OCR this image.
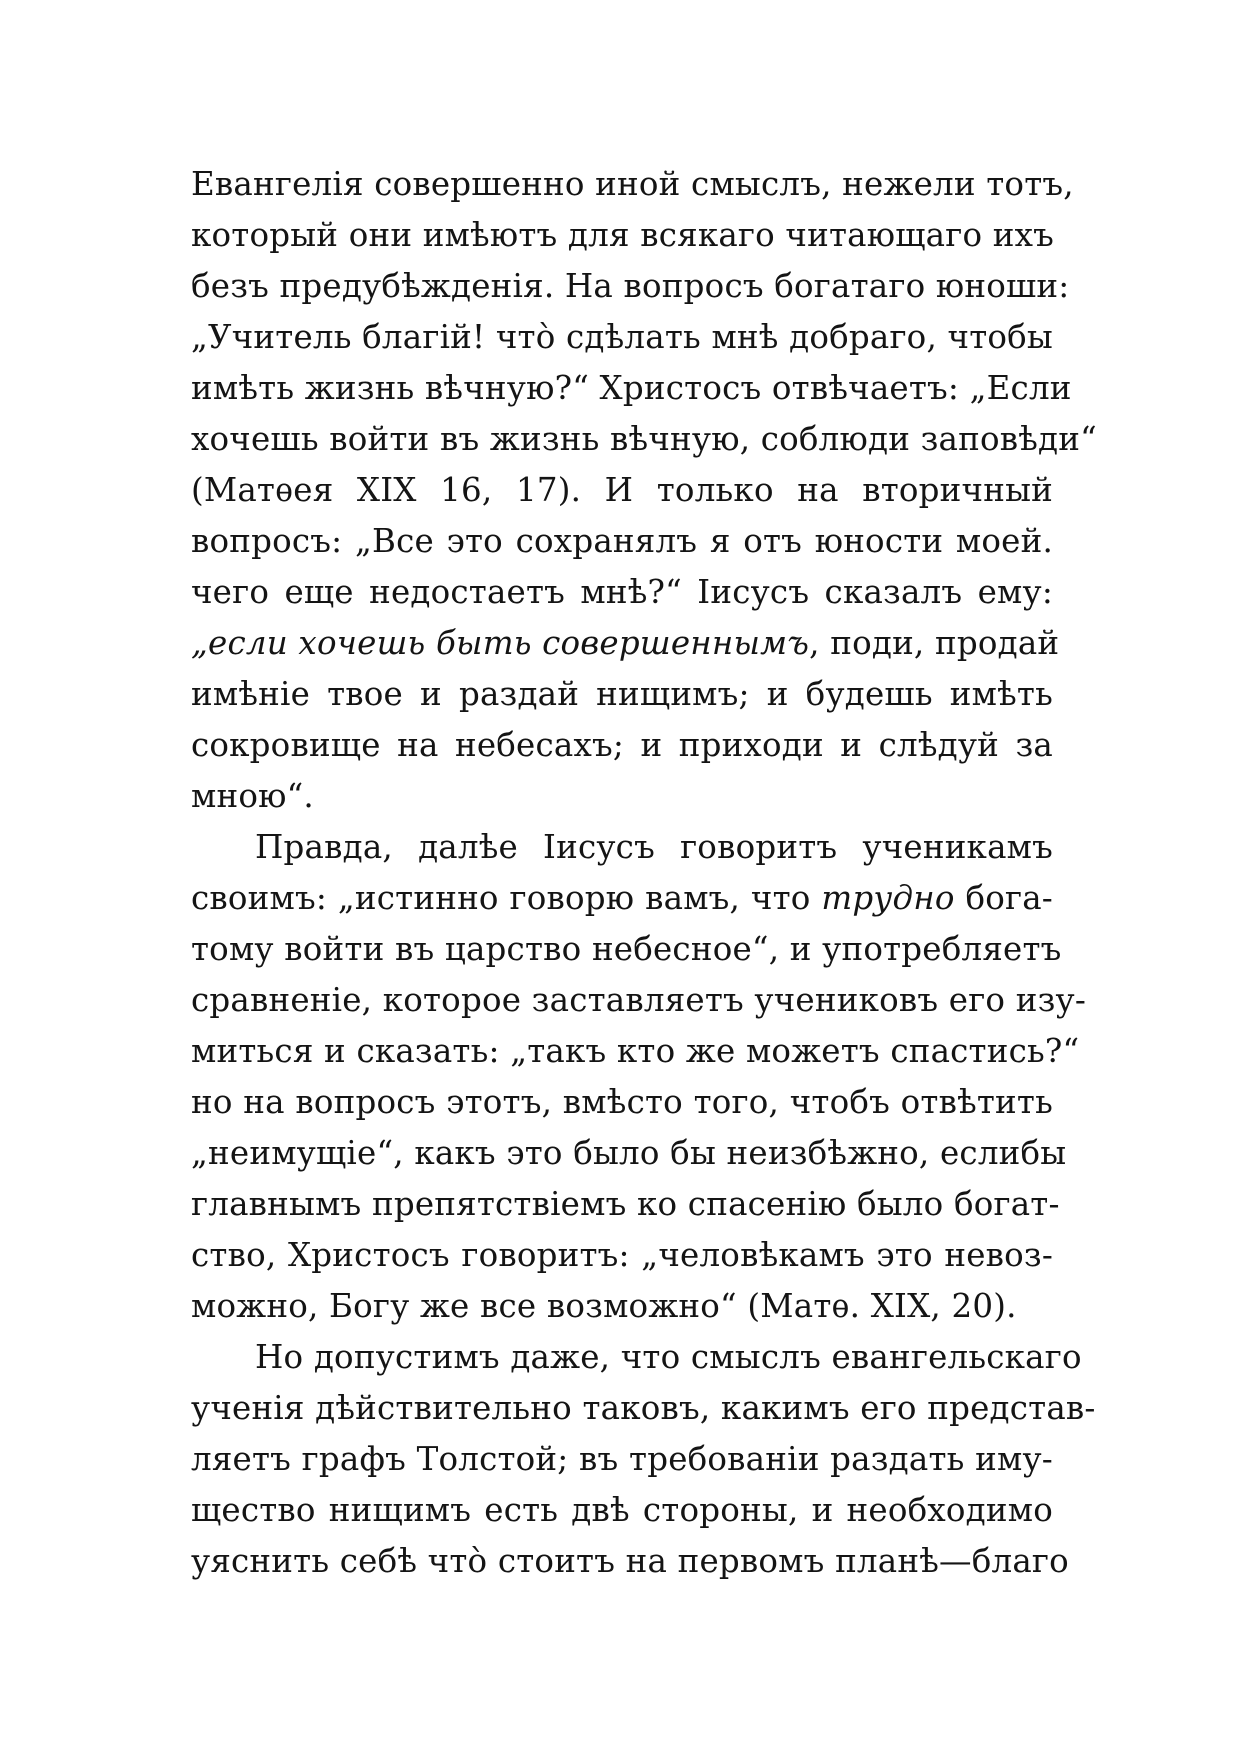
Евангелія совершенно иной смыслъ, нежели тотъ,
который они имѣютъ для всякаго читающаго ихъ
безъ предубѣжденія. На вопросъ богатаго юноши:
„Учитель благій! что̀ сдѣлать мнѣ добраго, чтобы
имѣть жизнь вѣчную?“ Христосъ отвѣчаетъ: „Если
хочешь войти въ жизнь вѣчную, соблюди заповѣди“
(Матѳея XIX 16, 17). И только на вторичный
вопросъ: „Все это сохранялъ я отъ юности моей.
чего еще недостаетъ мнѣ?“ Іисусъ сказалъ ему:
„если хочешь быть совершеннымъ, поди, продай
имѣніе твое и раздай нищимъ; и будешь имѣть
сокровище на небесахъ; и приходи и слѣдуй за
мною“.
Правда, далѣе Іисусъ говоритъ ученикамъ
своимъ: „истинно говорю вамъ, что трудно бога-
тому войти въ царство небесное“, и употребляетъ
сравненіе, которое заставляетъ учениковъ его изу-
миться и сказать: „такъ кто же можетъ спастись?“
но на вопросъ этотъ, вмѣсто того, чтобъ отвѣтить
„неимущіе“, какъ это было бы неизбѣжно, еслибы
главнымъ препятствіемъ ко спасенію было богат-
ство, Христосъ говоритъ: „человѣкамъ это невоз-
можно, Богу же все возможно“ (Матѳ. XIX, 20).
Но допустимъ даже, что смыслъ евангельскаго
ученія дѣйствительно таковъ, какимъ его представ-
ляетъ графъ Толстой; въ требованіи раздать иму-
щество нищимъ есть двѣ стороны, и необходимо
уяснить себѣ что̀ стоитъ на первомъ планѣ—благо
